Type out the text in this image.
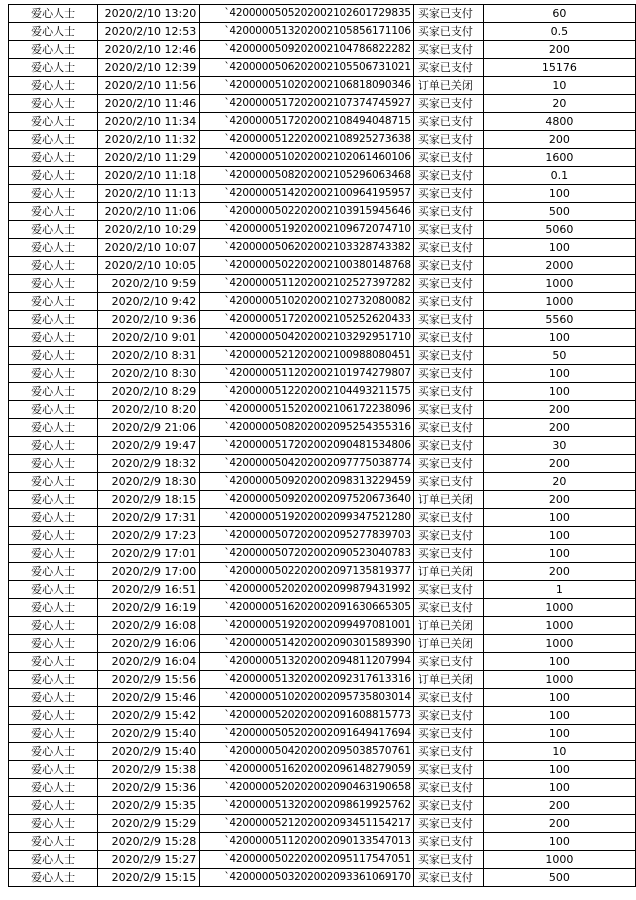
爱心人士	2020/2/10 13:20	`4200000505202002102601729835	买家已支付	60
爱心人士	2020/2/10 12:53	`4200000513202002105856171106	买家已支付	0.5
爱心人士	2020/2/10 12:46	`4200000509202002104786822282	买家已支付	200
爱心人士	2020/2/10 12:39	`4200000506202002105506731021	买家已支付	15176
爱心人士	2020/2/10 11:56	`4200000510202002106818090346	订单已关闭	10
爱心人士	2020/2/10 11:46	`4200000517202002107374745927	买家已支付	20
爱心人士	2020/2/10 11:34	`4200000517202002108494048715	买家已支付	4800
爱心人士	2020/2/10 11:32	`4200000512202002108925273638	买家已支付	200
爱心人士	2020/2/10 11:29	`4200000510202002102061460106	买家已支付	1600
爱心人士	2020/2/10 11:18	`4200000508202002105296063468	买家已支付	0.1
爱心人士	2020/2/10 11:13	`4200000514202002100964195957	买家已支付	100
爱心人士	2020/2/10 11:06	`4200000502202002103915945646	买家已支付	500
爱心人士	2020/2/10 10:29	`4200000519202002109672074710	买家已支付	5060
爱心人士	2020/2/10 10:07	`4200000506202002103328743382	买家已支付	100
爱心人士	2020/2/10 10:05	`4200000502202002100380148768	买家已支付	2000
爱心人士	2020/2/10 9:59	`4200000511202002102527397282	买家已支付	1000
爱心人士	2020/2/10 9:42	`4200000510202002102732080082	买家已支付	1000
爱心人士	2020/2/10 9:36	`4200000517202002105252620433	买家已支付	5560
爱心人士	2020/2/10 9:01	`4200000504202002103292951710	买家已支付	100
爱心人士	2020/2/10 8:31	`4200000521202002100988080451	买家已支付	50
爱心人士	2020/2/10 8:30	`4200000511202002101974279807	买家已支付	100
爱心人士	2020/2/10 8:29	`4200000512202002104493211575	买家已支付	100
爱心人士	2020/2/10 8:20	`4200000515202002106172238096	买家已支付	200
爱心人士	2020/2/9 21:06	`4200000508202002095254355316	买家已支付	200
爱心人士	2020/2/9 19:47	`4200000517202002090481534806	买家已支付	30
爱心人士	2020/2/9 18:32	`4200000504202002097775038774	买家已支付	200
爱心人士	2020/2/9 18:30	`4200000509202002098313229459	买家已支付	20
爱心人士	2020/2/9 18:15	`4200000509202002097520673640	订单已关闭	200
爱心人士	2020/2/9 17:31	`4200000519202002099347521280	买家已支付	100
爱心人士	2020/2/9 17:23	`4200000507202002095277839703	买家已支付	100
爱心人士	2020/2/9 17:01	`4200000507202002090523040783	买家已支付	100
爱心人士	2020/2/9 17:00	`4200000502202002097135819377	订单已关闭	200
爱心人士	2020/2/9 16:51	`4200000520202002099879431992	买家已支付	1
爱心人士	2020/2/9 16:19	`4200000516202002091630665305	买家已支付	1000
爱心人士	2020/2/9 16:08	`4200000519202002099497081001	订单已关闭	1000
爱心人士	2020/2/9 16:06	`4200000514202002090301589390	订单已关闭	1000
爱心人士	2020/2/9 16:04	`4200000513202002094811207994	买家已支付	100
爱心人士	2020/2/9 15:56	`4200000513202002092317613316	订单已关闭	1000
爱心人士	2020/2/9 15:46	`4200000510202002095735803014	买家已支付	100
爱心人士	2020/2/9 15:42	`4200000520202002091608815773	买家已支付	100
爱心人士	2020/2/9 15:40	`4200000505202002091649417694	买家已支付	100
爱心人士	2020/2/9 15:40	`4200000504202002095038570761	买家已支付	10
爱心人士	2020/2/9 15:38	`4200000516202002096148279059	买家已支付	100
爱心人士	2020/2/9 15:36	`4200000520202002090463190658	买家已支付	100
爱心人士	2020/2/9 15:35	`4200000513202002098619925762	买家已支付	200
爱心人士	2020/2/9 15:29	`4200000521202002093451154217	买家已支付	200
爱心人士	2020/2/9 15:28	`4200000511202002090133547013	买家已支付	100
爱心人士	2020/2/9 15:27	`4200000502202002095117547051	买家已支付	1000
爱心人士	2020/2/9 15:15	`4200000503202002093361069170	买家已支付	500
